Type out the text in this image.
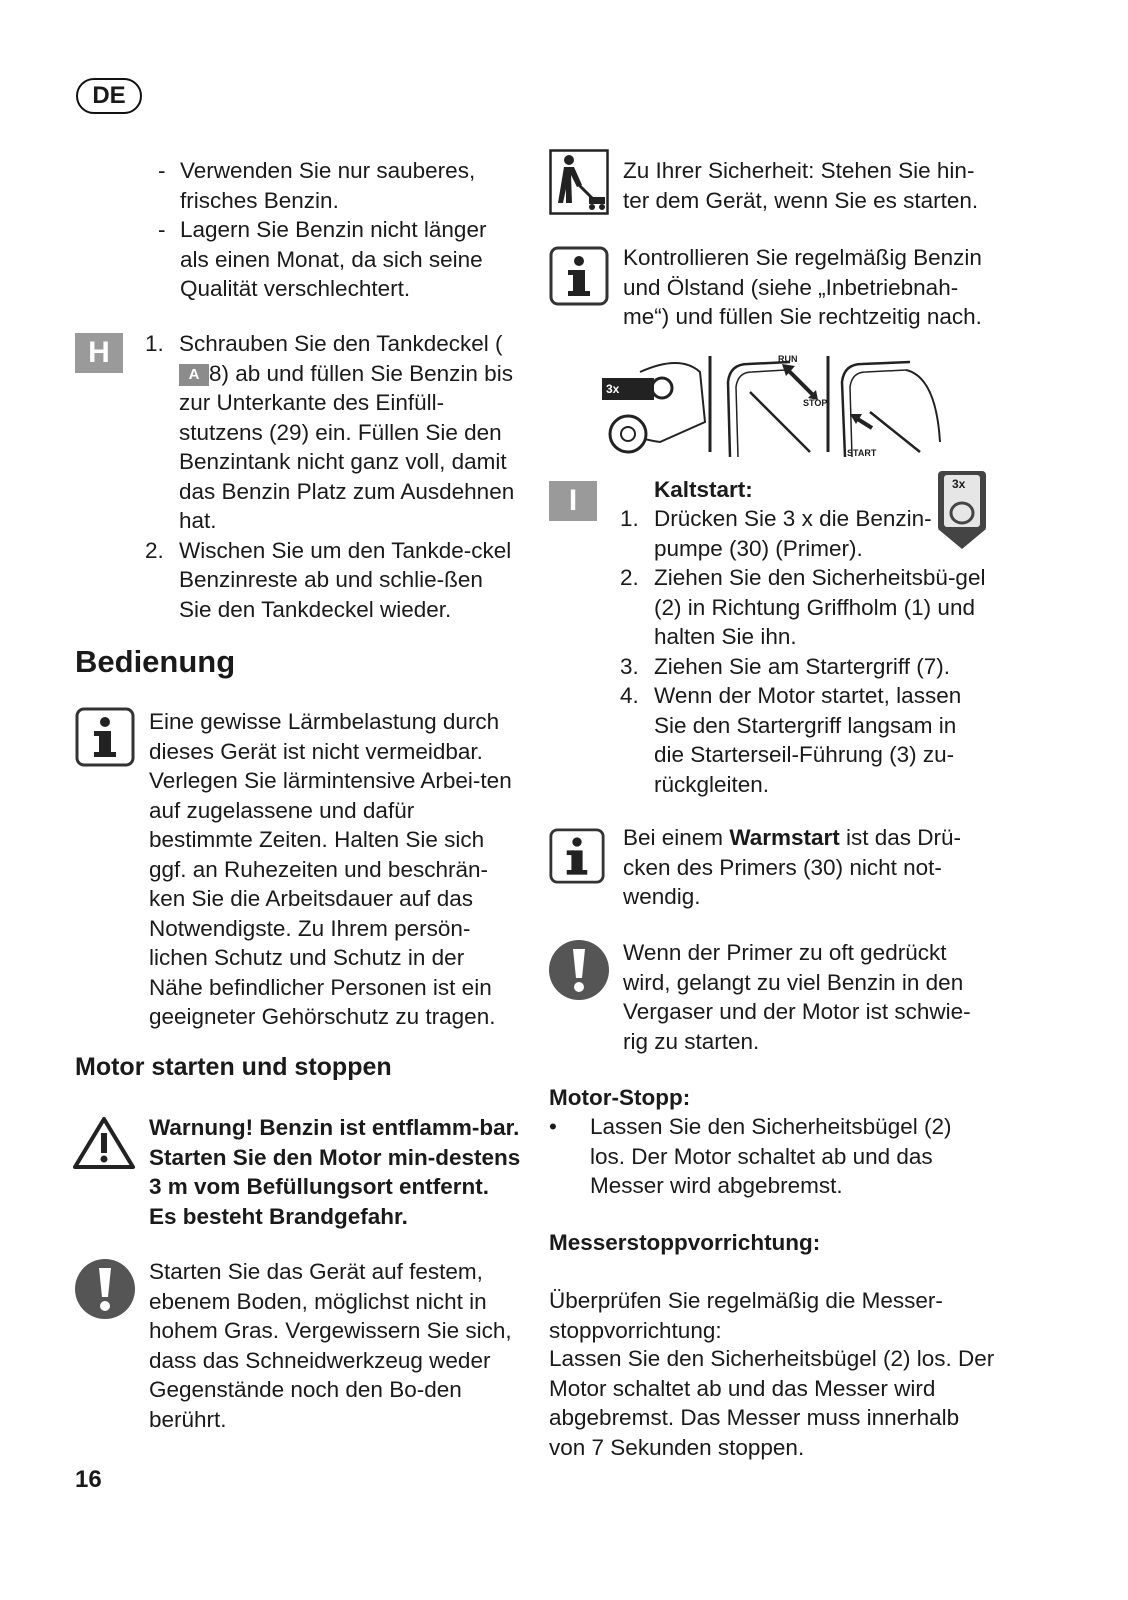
DE
- Verwenden Sie nur sauberes, frisches Benzin.
- Lagern Sie Benzin nicht länger als einen Monat, da sich seine Qualität verschlechtert.
H	1. Schrauben Sie den Tankdeckel (A 8) ab und füllen Sie Benzin bis zur Unterkante des Einfüll-stutzens (29) ein. Füllen Sie den Benzintank nicht ganz voll, damit das Benzin Platz zum Ausdehnen hat.
2. Wischen Sie um den Tankde-ckel Benzinreste ab und schlie-ßen Sie den Tankdeckel wieder.
Bedienung
Eine gewisse Lärmbelastung durch dieses Gerät ist nicht vermeidbar. Verlegen Sie lärmintensive Arbei-ten auf zugelassene und dafür bestimmte Zeiten. Halten Sie sich ggf. an Ruhezeiten und beschrän-ken Sie die Arbeitsdauer auf das Notwendigste. Zu Ihrem persön-lichen Schutz und Schutz in der Nähe befindlicher Personen ist ein geeigneter Gehörschutz zu tragen.
Motor starten und stoppen
Warnung! Benzin ist entflamm-bar. Starten Sie den Motor min-destens 3 m vom Befüllungsort entfernt. Es besteht Brandgefahr.
Starten Sie das Gerät auf festem, ebenem Boden, möglichst nicht in hohem Gras. Vergewissern Sie sich, dass das Schneidwerkzeug weder Gegenstände noch den Bo-den berührt.
16
Zu Ihrer Sicherheit: Stehen Sie hin-ter dem Gerät, wenn Sie es starten.
Kontrollieren Sie regelmäßig Benzin und Ölstand (siehe „Inbetriebnah-me“) und füllen Sie rechtzeitig nach.
3x
RUN
STOP
START
I	3x
Kaltstart:
1. Drücken Sie 3 x die Benzin-pumpe (30) (Primer).
2. Ziehen Sie den Sicherheitsbü-gel (2) in Richtung Griffholm (1) und halten Sie ihn.
3. Ziehen Sie am Startergriff (7).
4. Wenn der Motor startet, lassen Sie den Startergriff langsam in die Starterseil-Führung (3) zu-rückgleiten.
Bei einem Warmstart ist das Drü-cken des Primers (30) nicht not-wendig.
Wenn der Primer zu oft gedrückt wird, gelangt zu viel Benzin in den Vergaser und der Motor ist schwie-rig zu starten.
Motor-Stopp:
• Lassen Sie den Sicherheitsbügel (2) los. Der Motor schaltet ab und das Messer wird abgebremst.
Messerstoppvorrichtung:
Überprüfen Sie regelmäßig die Messer-stoppvorrichtung:
Lassen Sie den Sicherheitsbügel (2) los. Der Motor schaltet ab und das Messer wird abgebremst. Das Messer muss innerhalb von 7 Sekunden stoppen.
